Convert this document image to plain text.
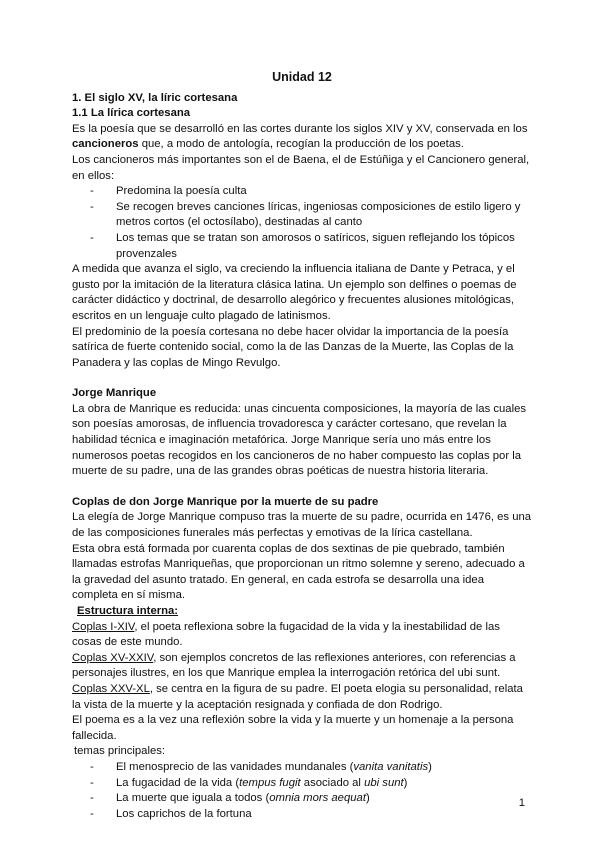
Unidad 12
1. El siglo XV, la líric cortesana
1.1 La lírica cortesana

Es la poesía que se desarrolló en las cortes durante los siglos XIV y XV, conservada en los cancioneros que, a modo de antología, recogían la producción de los poetas.

Los cancioneros más importantes son el de Baena, el de Estúñiga y el Cancionero general, en ellos:

- Predomina la poesía culta
- Se recogen breves canciones líricas, ingeniosas composiciones de estilo ligero y metros cortos (el octosílabo), destinadas al canto
- Los temas que se tratan son amorosos o satíricos, siguen reflejando los tópicos provenzales

A medida que avanza el siglo, va creciendo la influencia italiana de Dante y Petraca, y el gusto por la imitación de la literatura clásica latina. Un ejemplo son delfines o poemas de carácter didáctico y doctrinal, de desarrollo alegórico y frecuentes alusiones mitológicas, escritos en un lenguaje culto plagado de latinismos.

El predominio de la poesía cortesana no debe hacer olvidar la importancia de la poesía satírica de fuerte contenido social, como la de las Danzas de la Muerte, las Coplas de la Panadera y las coplas de Mingo Revulgo.

Jorge Manrique

La obra de Manrique es reducida: unas cincuenta composiciones, la mayoría de las cuales son poesías amorosas, de influencia trovadoresca y carácter cortesano, que revelan la habilidad técnica e imaginación metafórica. Jorge Manrique sería uno más entre los numerosos poetas recogidos en los cancioneros de no haber compuesto las coplas por la muerte de su padre, una de las grandes obras poéticas de nuestra historia literaria.

Coplas de don Jorge Manrique por la muerte de su padre

La elegía de Jorge Manrique compuso tras la muerte de su padre, ocurrida en 1476, es una de las composiciones funerales más perfectas y emotivas de la lírica castellana.

Esta obra está formada por cuarenta coplas de dos sextinas de pie quebrado, también llamadas estrofas Manriqueñas, que proporcionan un ritmo solemne y sereno, adecuado a la gravedad del asunto tratado. En general, en cada estrofa se desarrolla una idea completa en sí misma.

Estructura interna:

Coplas I-XIV, el poeta reflexiona sobre la fugacidad de la vida y la inestabilidad de las cosas de este mundo.

Coplas XV-XXIV, son ejemplos concretos de las reflexiones anteriores, con referencias a personajes ilustres, en los que Manrique emplea la interrogación retórica del ubi sunt.

Coplas XXV-XL, se centra en la figura de su padre. El poeta elogia su personalidad, relata la vista de la muerte y la aceptación resignada y confiada de don Rodrigo.

El poema es a la vez una reflexión sobre la vida y la muerte y un homenaje a la persona fallecida.

temas principales:
- El menosprecio de las vanidades mundanales (vanita vanitatis)
- La fugacidad de la vida (tempus fugit asociado al ubi sunt)
- La muerte que iguala a todos (omnia mors aequat)
- Los caprichos de la fortuna
1
